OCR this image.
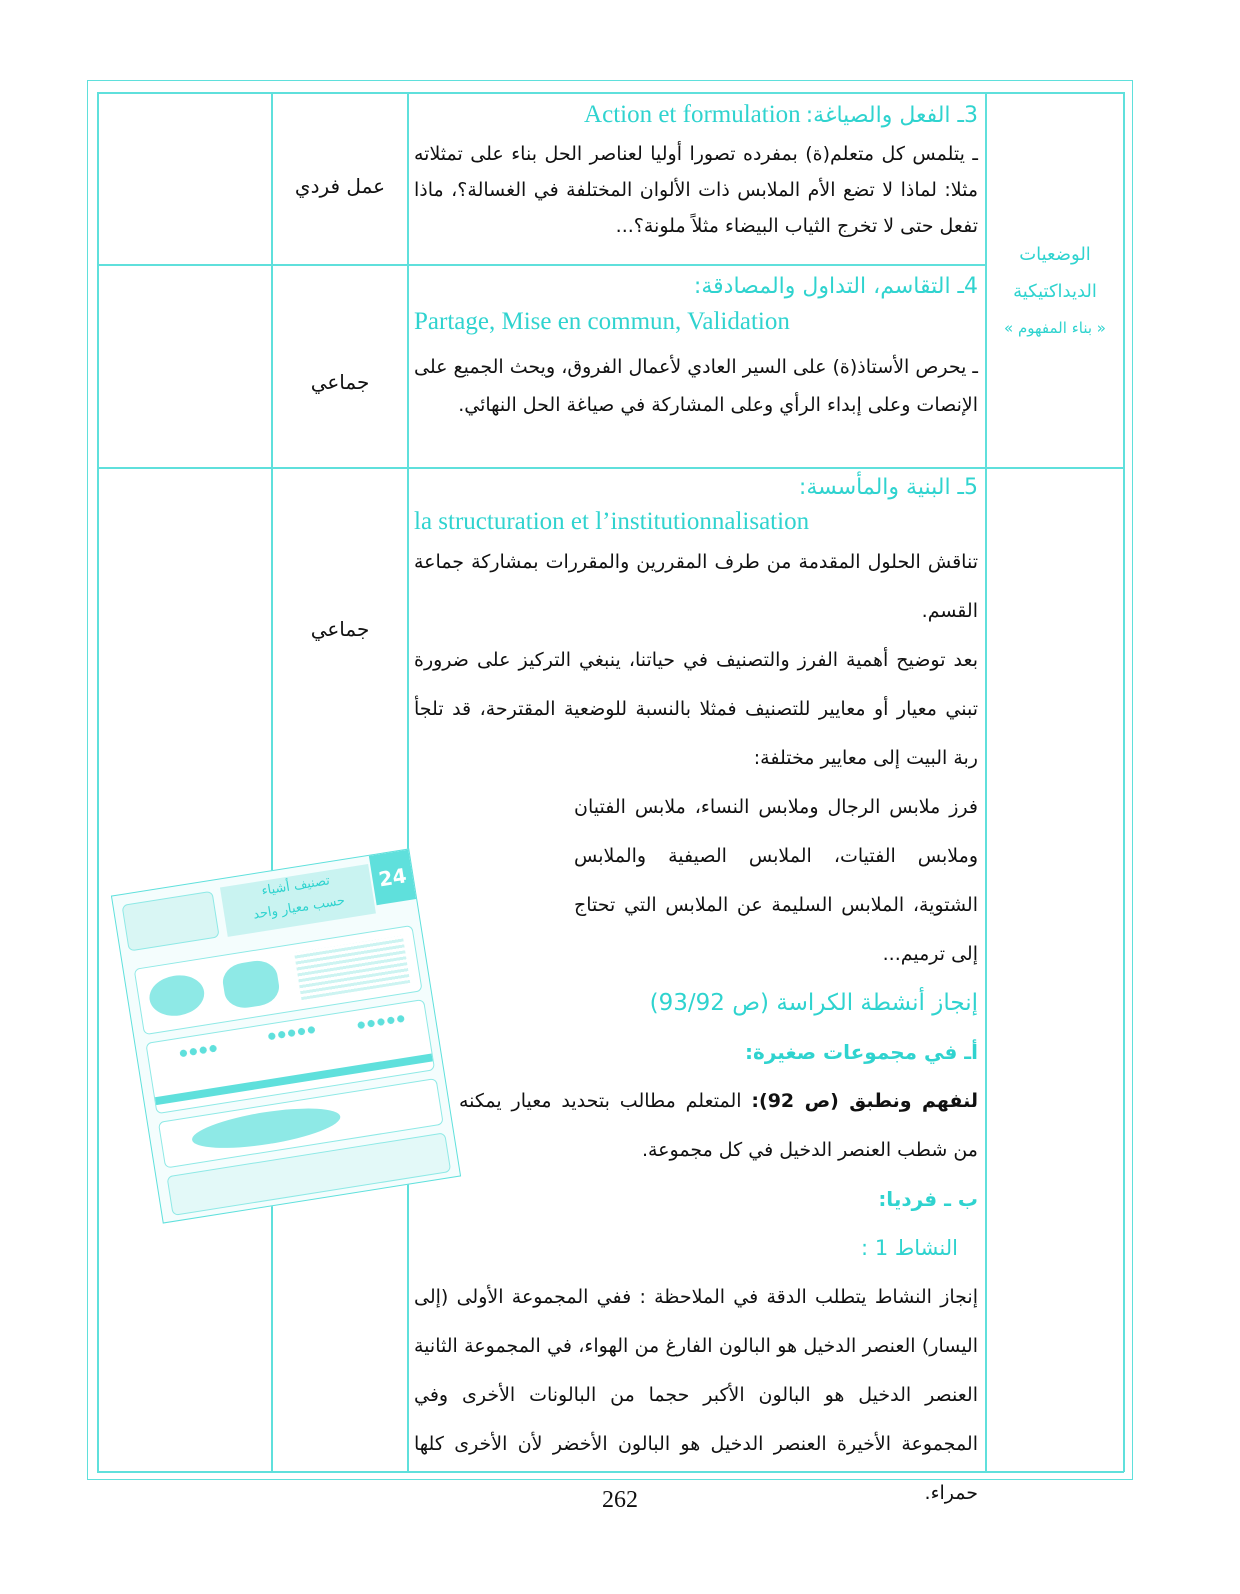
الوضعيات
الديداكتيكية
« بناء المفهوم »
عمل فردي
جماعي
جماعي
3ـ الفعل والصياغة: Action et formulation
ـ يتلمس كل متعلم(ة) بمفرده تصورا أوليا لعناصر الحل بناء على تمثلاته مثلا: لماذا لا تضع الأم الملابس ذات الألوان المختلفة في الغسالة؟، ماذا تفعل حتى لا تخرج الثياب البيضاء مثلاً ملونة؟...
4ـ التقاسم، التداول والمصادقة:
Partage, Mise en commun, Validation
ـ يحرص الأستاذ(ة) على السير العادي لأعمال الفروق، ويحث الجميع على الإنصات وعلى إبداء الرأي وعلى المشاركة في صياغة الحل النهائي.
5ـ البنية والمأسسة:
la structuration et l’institutionnalisation
تناقش الحلول المقدمة من طرف المقررين والمقررات بمشاركة جماعة القسم.
بعد توضيح أهمية الفرز والتصنيف في حياتنا، ينبغي التركيز على ضرورة تبني معيار أو معايير للتصنيف فمثلا بالنسبة للوضعية المقترحة، قد تلجأ ربة البيت إلى معايير مختلفة:
فرز ملابس الرجال وملابس النساء، ملابس الفتيان وملابس الفتيات، الملابس الصيفية والملابس الشتوية، الملابس السليمة عن الملابس التي تحتاج إلى ترميم...
إنجاز أنشطة الكراسة (ص 93/92)
أـ في مجموعات صغيرة:
لنفهم ونطبق (ص 92): المتعلم مطالب بتحديد معيار يمكنه من شطب العنصر الدخيل في كل مجموعة.
ب ـ فرديا:
النشاط 1 :
إنجاز النشاط يتطلب الدقة في الملاحظة : ففي المجموعة الأولى (إلى اليسار) العنصر الدخيل هو البالون الفارغ من الهواء، في المجموعة الثانية العنصر الدخيل هو البالون الأكبر حجما من البالونات الأخرى وفي المجموعة الأخيرة العنصر الدخيل هو البالون الأخضر لأن الأخرى كلها حمراء.
24
تصنيف أشياء
حسب معيار واحد
262
